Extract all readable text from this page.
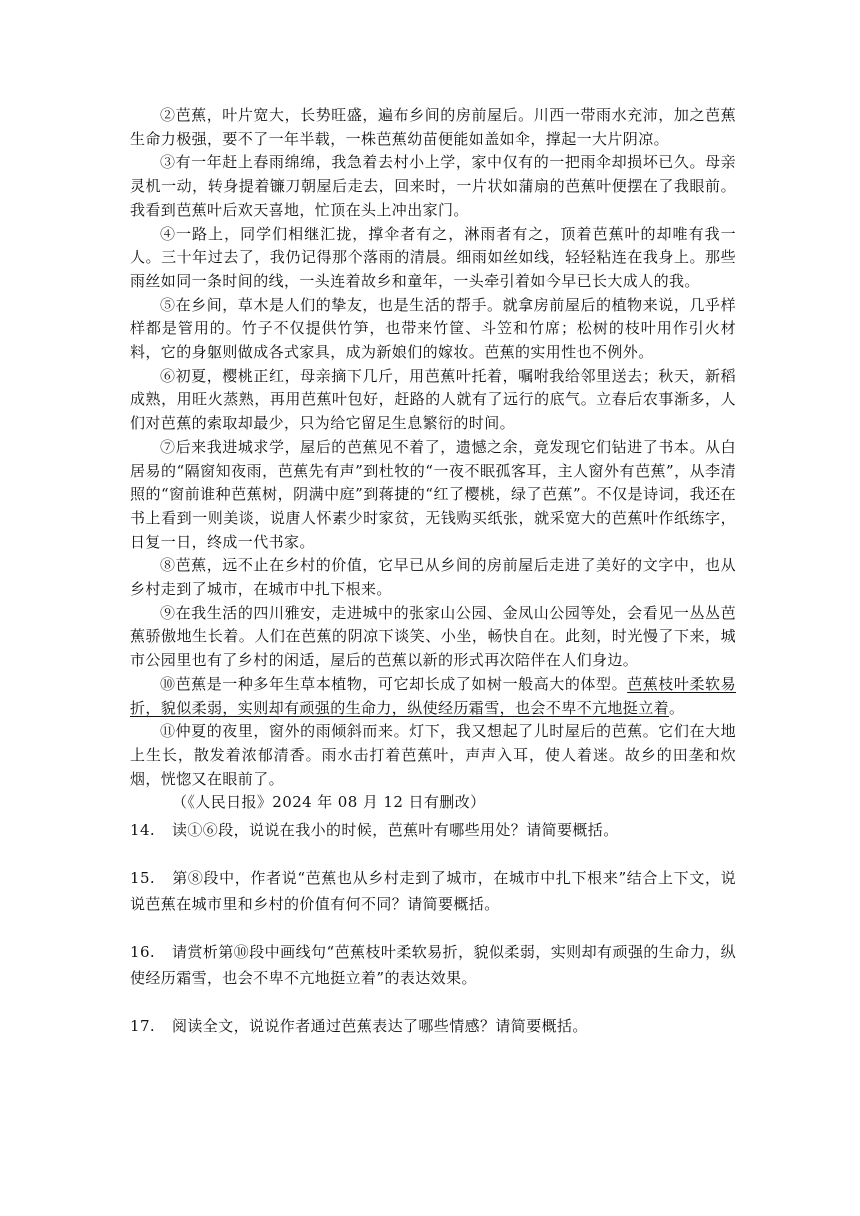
②芭蕉，叶片宽大，长势旺盛，遍布乡间的房前屋后。川西一带雨水充沛，加之芭蕉生命力极强，要不了一年半载，一株芭蕉幼苗便能如盖如伞，撑起一大片阴凉。

③有一年赶上春雨绵绵，我急着去村小上学，家中仅有的一把雨伞却损坏已久。母亲灵机一动，转身提着镰刀朝屋后走去，回来时，一片状如蒲扇的芭蕉叶便摆在了我眼前。我看到芭蕉叶后欢天喜地，忙顶在头上冲出家门。

④一路上，同学们相继汇拢，撑伞者有之，淋雨者有之，顶着芭蕉叶的却唯有我一人。三十年过去了，我仍记得那个落雨的清晨。细雨如丝如线，轻轻粘连在我身上。那些雨丝如同一条时间的线，一头连着故乡和童年，一头牵引着如今早已长大成人的我。

⑤在乡间，草木是人们的挚友，也是生活的帮手。就拿房前屋后的植物来说，几乎样样都是管用的。竹子不仅提供竹笋，也带来竹筐、斗笠和竹席；松树的枝叶用作引火材料，它的身躯则做成各式家具，成为新娘们的嫁妆。芭蕉的实用性也不例外。

⑥初夏，樱桃正红，母亲摘下几斤，用芭蕉叶托着，嘱咐我给邻里送去；秋天，新稻成熟，用旺火蒸熟，再用芭蕉叶包好，赶路的人就有了远行的底气。立春后农事渐多，人们对芭蕉的索取却最少，只为给它留足生息繁衍的时间。

⑦后来我进城求学，屋后的芭蕉见不着了，遗憾之余，竟发现它们钻进了书本。从白居易的“隔窗知夜雨，芭蕉先有声”到杜牧的“一夜不眠孤客耳，主人窗外有芭蕉”，从李清照的“窗前谁种芭蕉树，阴满中庭”到蒋捷的“红了樱桃，绿了芭蕉”。不仅是诗词，我还在书上看到一则美谈，说唐人怀素少时家贫，无钱购买纸张，就采宽大的芭蕉叶作纸练字，日复一日，终成一代书家。

⑧芭蕉，远不止在乡村的价值，它早已从乡间的房前屋后走进了美好的文字中，也从乡村走到了城市，在城市中扎下根来。

⑨在我生活的四川雅安，走进城中的张家山公园、金凤山公园等处，会看见一丛丛芭蕉骄傲地生长着。人们在芭蕉的阴凉下谈笑、小坐，畅快自在。此刻，时光慢了下来，城市公园里也有了乡村的闲适，屋后的芭蕉以新的形式再次陪伴在人们身边。

⑩芭蕉是一种多年生草本植物，可它却长成了如树一般高大的体型。芭蕉枝叶柔软易折，貌似柔弱，实则却有顽强的生命力，纵使经历霜雪，也会不卑不亢地挺立着。

⑪仲夏的夜里，窗外的雨倾斜而来。灯下，我又想起了儿时屋后的芭蕉。它们在大地上生长，散发着浓郁清香。雨水击打着芭蕉叶，声声入耳，使人着迷。故乡的田垄和炊烟，恍惚又在眼前了。

（《人民日报》2024 年 08 月 12 日有删改）

14. 读①⑥段，说说在我小的时候，芭蕉叶有哪些用处？请简要概括。

15. 第⑧段中，作者说“芭蕉也从乡村走到了城市，在城市中扎下根来”结合上下文，说说芭蕉在城市里和乡村的价值有何不同？请简要概括。

16. 请赏析第⑩段中画线句“芭蕉枝叶柔软易折，貌似柔弱，实则却有顽强的生命力，纵使经历霜雪，也会不卑不亢地挺立着”的表达效果。

17. 阅读全文，说说作者通过芭蕉表达了哪些情感？请简要概括。
